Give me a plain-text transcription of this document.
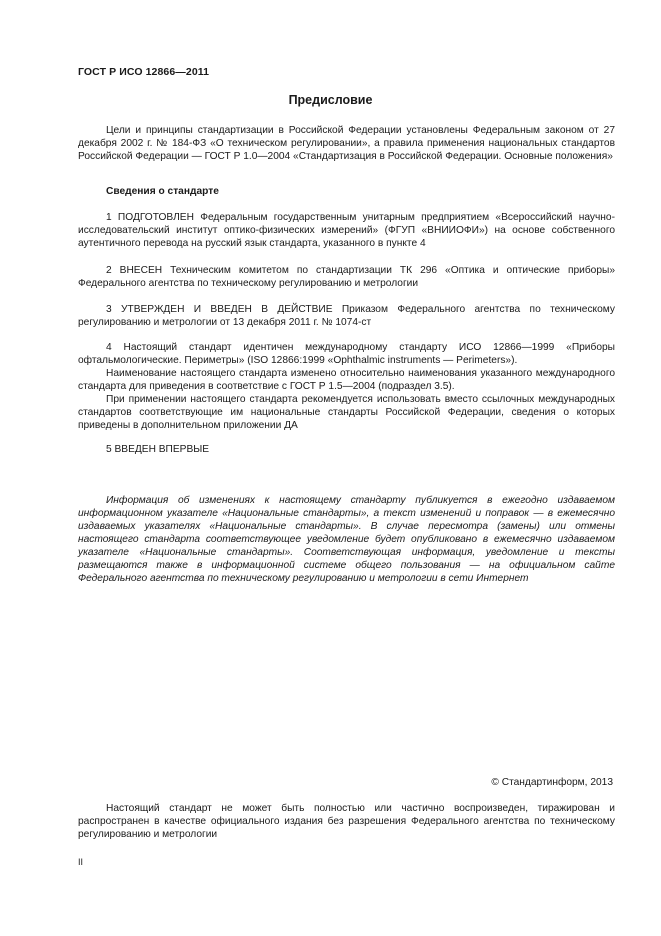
ГОСТ Р ИСО 12866—2011
Предисловие

Цели и принципы стандартизации в Российской Федерации установлены Федеральным законом от 27 декабря 2002 г. № 184-ФЗ «О техническом регулировании», а правила применения национальных стандартов Российской Федерации — ГОСТ Р 1.0—2004 «Стандартизация в Российской Федерации. Основные положения»

Сведения о стандарте

1 ПОДГОТОВЛЕН Федеральным государственным унитарным предприятием «Всероссийский научно-исследовательский институт оптико-физических измерений» (ФГУП «ВНИИОФИ») на основе собственного аутентичного перевода на русский язык стандарта, указанного в пункте 4

2 ВНЕСЕН Техническим комитетом по стандартизации ТК 296 «Оптика и оптические приборы» Федерального агентства по техническому регулированию и метрологии

3 УТВЕРЖДЕН И ВВЕДЕН В ДЕЙСТВИЕ Приказом Федерального агентства по техническому регулированию и метрологии от 13 декабря 2011 г. № 1074-ст

4 Настоящий стандарт идентичен международному стандарту ИСО 12866—1999 «Приборы офтальмологические. Периметры» (ISO 12866:1999 «Ophthalmic instruments — Perimeters»).

Наименование настоящего стандарта изменено относительно наименования указанного международного стандарта для приведения в соответствие с ГОСТ Р 1.5—2004 (подраздел 3.5).

При применении настоящего стандарта рекомендуется использовать вместо ссылочных международных стандартов соответствующие им национальные стандарты Российской Федерации, сведения о которых приведены в дополнительном приложении ДА

5 ВВЕДЕН ВПЕРВЫЕ

Информация об изменениях к настоящему стандарту публикуется в ежегодно издаваемом информационном указателе «Национальные стандарты», а текст изменений и поправок — в ежемесячно издаваемых указателях «Национальные стандарты». В случае пересмотра (замены) или отмены настоящего стандарта соответствующее уведомление будет опубликовано в ежемесячно издаваемом указателе «Национальные стандарты». Соответствующая информация, уведомление и тексты размещаются также в информационной системе общего пользования — на официальном сайте Федерального агентства по техническому регулированию и метрологии в сети Интернет

© Стандартинформ, 2013

Настоящий стандарт не может быть полностью или частично воспроизведен, тиражирован и распространен в качестве официального издания без разрешения Федерального агентства по техническому регулированию и метрологии

II
